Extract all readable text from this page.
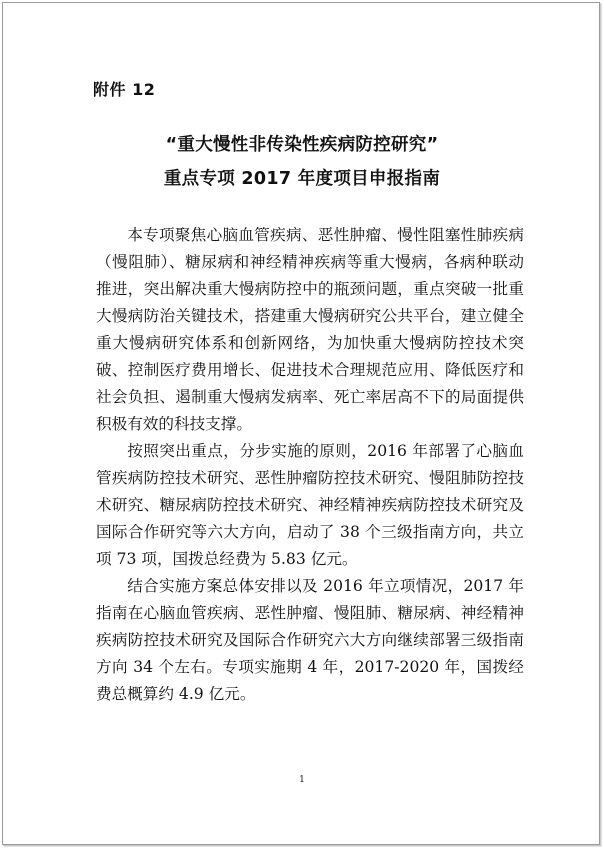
附件 12
“重大慢性非传染性疾病防控研究”
重点专项 2017 年度项目申报指南

本专项聚焦心脑血管疾病、恶性肿瘤、慢性阻塞性肺疾病（慢阻肺）、糖尿病和神经精神疾病等重大慢病，各病种联动推进，突出解决重大慢病防控中的瓶颈问题，重点突破一批重大慢病防治关键技术，搭建重大慢病研究公共平台，建立健全重大慢病研究体系和创新网络，为加快重大慢病防控技术突破、控制医疗费用增长、促进技术合理规范应用、降低医疗和社会负担、遏制重大慢病发病率、死亡率居高不下的局面提供积极有效的科技支撑。

按照突出重点，分步实施的原则，2016 年部署了心脑血管疾病防控技术研究、恶性肿瘤防控技术研究、慢阻肺防控技术研究、糖尿病防控技术研究、神经精神疾病防控技术研究及国际合作研究等六大方向，启动了 38 个三级指南方向，共立项 73 项，国拨总经费为 5.83 亿元。

结合实施方案总体安排以及 2016 年立项情况，2017 年指南在心脑血管疾病、恶性肿瘤、慢阻肺、糖尿病、神经精神疾病防控技术研究及国际合作研究六大方向继续部署三级指南方向 34 个左右。专项实施期 4 年，2017-2020 年，国拨经费总概算约 4.9 亿元。

1
